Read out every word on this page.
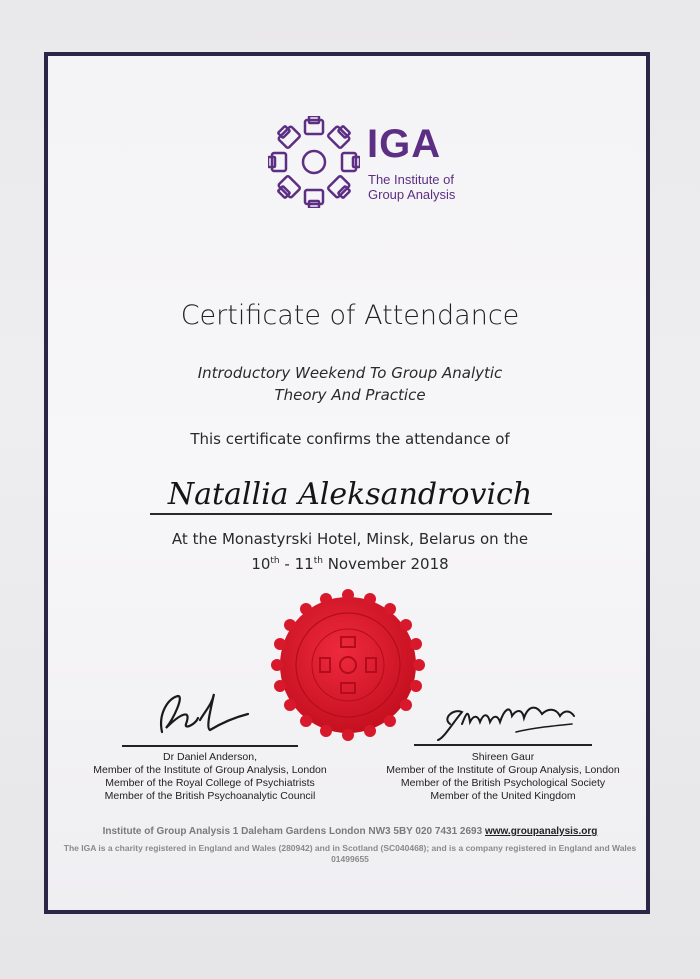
IGA
The Institute of
Group Analysis
Certificate of Attendance
Introductory Weekend To Group Analytic
Theory And Practice
This certificate confirms the attendance of
Natallia Aleksandrovich
At the Monastyrski Hotel, Minsk, Belarus on the
10th - 11th November 2018
Dr Daniel Anderson,
Member of the Institute of Group Analysis, London
Member of the Royal College of Psychiatrists
Member of the British Psychoanalytic Council
Shireen Gaur
Member of the Institute of Group Analysis, London
Member of the British Psychological Society
Member of the United Kingdom
Institute of Group Analysis 1 Daleham Gardens London NW3 5BY 020 7431 2693 www.groupanalysis.org
The IGA is a charity registered in England and Wales (280942) and in Scotland (SC040468); and is a company registered in England and Wales 01499655
